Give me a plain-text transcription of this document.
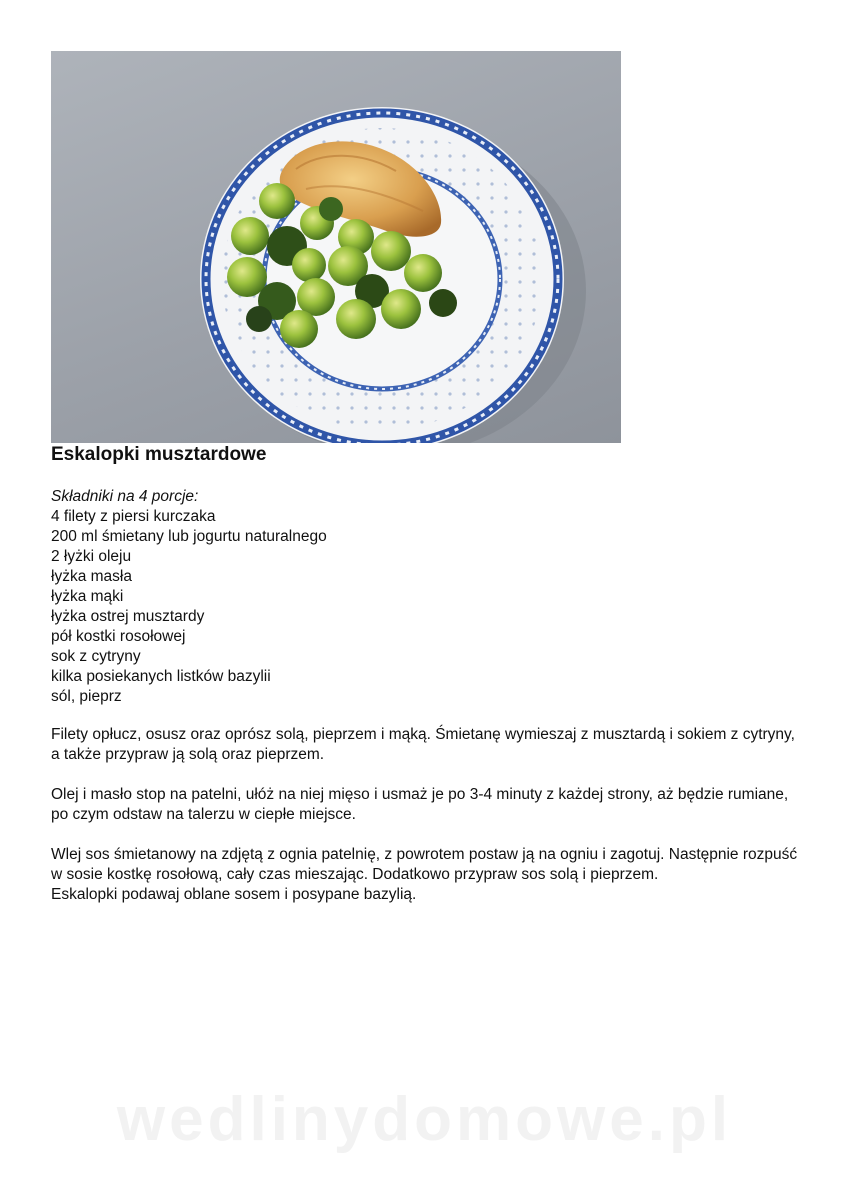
Eskalopki musztardowe
Składniki na 4 porcje:
4 filety z piersi kurczaka
200 ml śmietany lub jogurtu naturalnego
2 łyżki oleju
łyżka masła
łyżka mąki
łyżka ostrej musztardy
pół kostki rosołowej
sok z cytryny
kilka posiekanych listków bazylii
sól, pieprz

Filety opłucz, osusz oraz oprósz solą, pieprzem i mąką. Śmietanę wymieszaj z musztardą i sokiem z cytryny, a także przypraw ją solą oraz pieprzem.

Olej i masło stop na patelni, ułóż na niej mięso i usmaż je po 3-4 minuty z każdej strony, aż będzie rumiane, po czym odstaw na talerzu w ciepłe miejsce.

Wlej sos śmietanowy na zdjętą z ognia patelnię, z powrotem postaw ją na ogniu i zagotuj. Następnie rozpuść w sosie kostkę rosołową, cały czas mieszając. Dodatkowo przypraw sos solą i pieprzem.

Eskalopki podawaj oblane sosem i posypane bazylią.

wedlinydomowe.pl
